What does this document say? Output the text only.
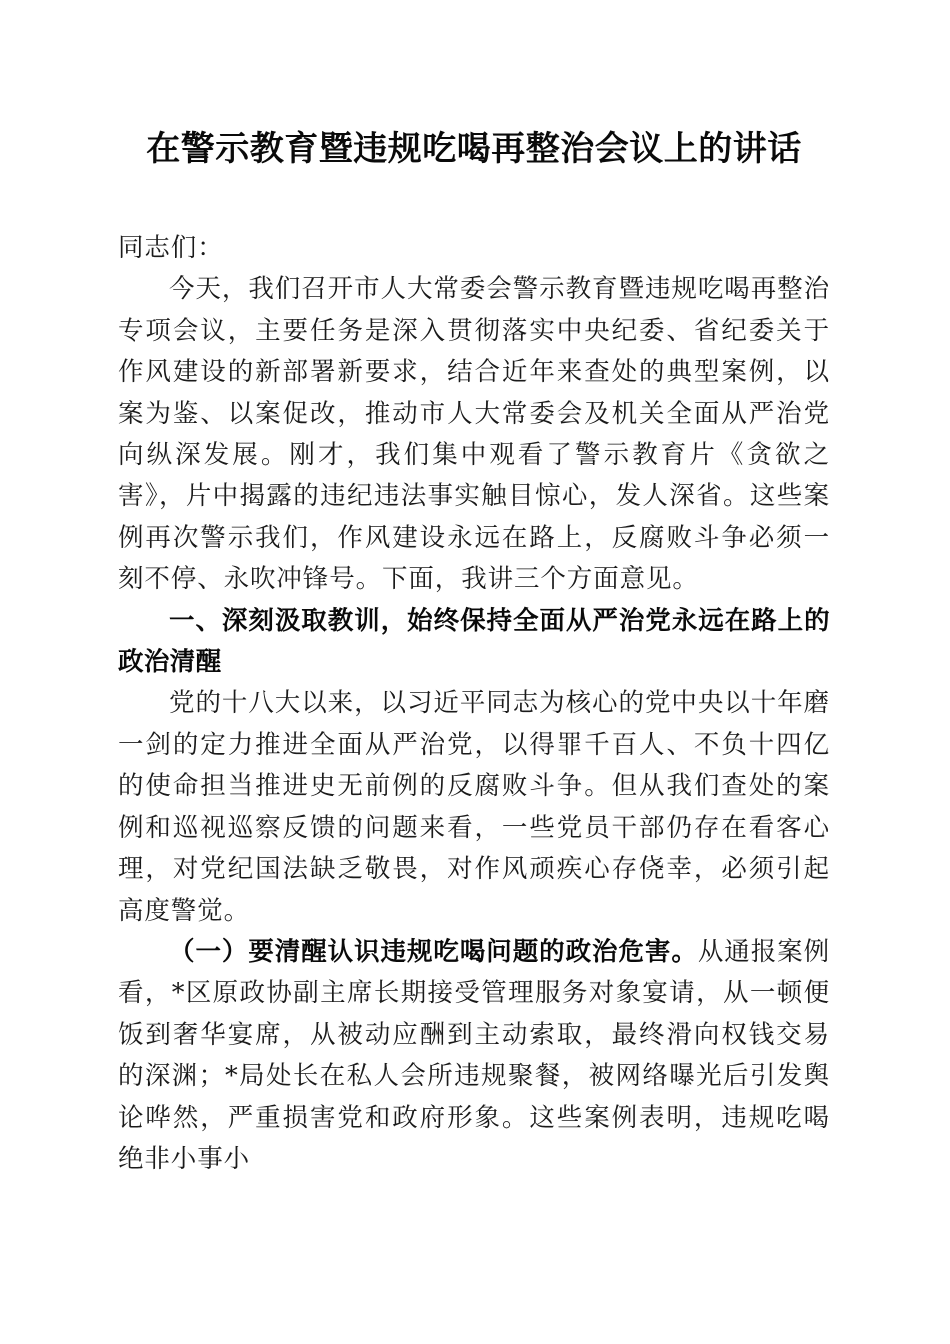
在警示教育暨违规吃喝再整治会议上的讲话

同志们：

今天，我们召开市人大常委会警示教育暨违规吃喝再整治专项会议，主要任务是深入贯彻落实中央纪委、省纪委关于作风建设的新部署新要求，结合近年来查处的典型案例，以案为鉴、以案促改，推动市人大常委会及机关全面从严治党向纵深发展。刚才，我们集中观看了警示教育片《贪欲之害》，片中揭露的违纪违法事实触目惊心，发人深省。这些案例再次警示我们，作风建设永远在路上，反腐败斗争必须一刻不停、永吹冲锋号。下面，我讲三个方面意见。

一、深刻汲取教训，始终保持全面从严治党永远在路上的政治清醒

党的十八大以来，以习近平同志为核心的党中央以十年磨一剑的定力推进全面从严治党，以得罪千百人、不负十四亿的使命担当推进史无前例的反腐败斗争。但从我们查处的案例和巡视巡察反馈的问题来看，一些党员干部仍存在看客心理，对党纪国法缺乏敬畏，对作风顽疾心存侥幸，必须引起高度警觉。

（一）要清醒认识违规吃喝问题的政治危害。从通报案例看，*区原政协副主席长期接受管理服务对象宴请，从一顿便饭到奢华宴席，从被动应酬到主动索取，最终滑向权钱交易的深渊；*局处长在私人会所违规聚餐，被网络曝光后引发舆论哗然，严重损害党和政府形象。这些案例表明，违规吃喝绝非小事小
